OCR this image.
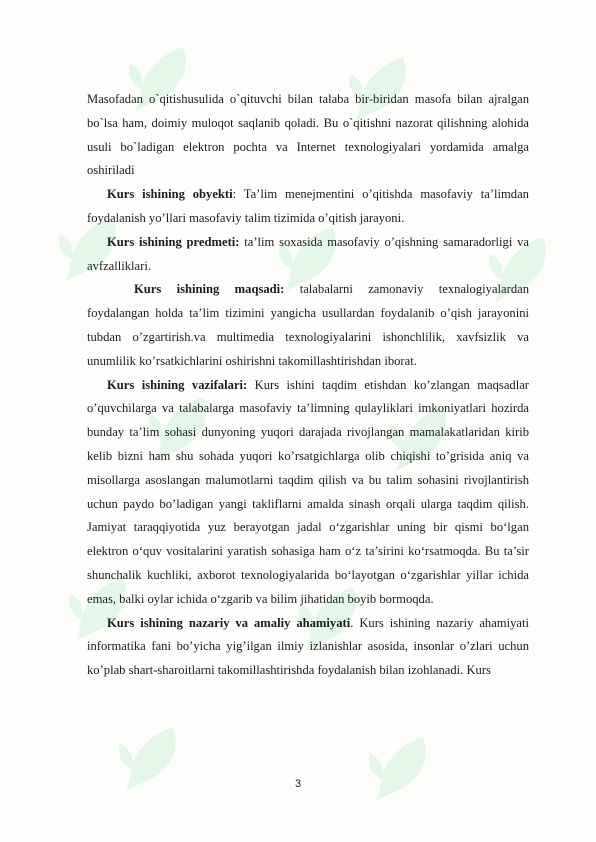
Masofadan o`qitishusulida o`qituvchi bilan talaba bir-biridan masofa bilan ajralgan bo`lsa ham, doimiy muloqot saqlanib qoladi. Bu o`qitishni nazorat qilishning alohida usuli bo`ladigan elektron pochta va Internet texnologiyalari yordamida amalga oshiriladi

Kurs ishining obyekti: Ta’lim menejmentini o’qitishda masofaviy ta’limdan foydalanish yo’llari masofaviy talim tizimida o’qitish jarayoni.

Kurs ishining predmeti: ta’lim soxasida masofaviy o’qishning samaradorligi va avfzalliklari.

Kurs ishining maqsadi: talabalarni zamonaviy texnalogiyalardan foydalangan holda ta’lim tizimini yangicha usullardan foydalanib o’qish jarayonini tubdan o’zgartirish.va multimedia texnologiyalarini ishonchlilik, xavfsizlik va unumlilik ko’rsatkichlarini oshirishni takomillashtirishdan iborat.

Kurs ishining vazifalari: Kurs ishini taqdim etishdan ko’zlangan maqsadlar o’quvchilarga va talabalarga masofaviy ta’limning qulayliklari imkoniyatlari hozirda bunday ta’lim sohasi dunyoning yuqori darajada rivojlangan mamalakatlaridan kirib kelib bizni ham shu sohada yuqori ko’rsatgichlarga olib chiqishi to’grisida aniq va misollarga asoslangan malumotlarni taqdim qilish va bu talim sohasini rivojlantirish uchun paydo bo’ladigan yangi takliflarni amalda sinash orqali ularga taqdim qilish. Jamiyat taraqqiyotida yuz berayotgan jadal o‘zgarishlar uning bir qismi bo‘lgan elektron o‘quv vositalarini yaratish sohasiga ham o‘z ta’sirini ko‘rsatmoqda. Bu ta’sir shunchalik kuchliki, axborot texnologiyalarida bo‘layotgan o‘zgarishlar yillar ichida emas, balki oylar ichida o‘zgarib va bilim jihatidan boyib bormoqda.

Kurs ishining nazariy va amaliy ahamiyati. Kurs ishining nazariy ahamiyati informatika fani bo’yicha yig’ilgan ilmiy izlanishlar asosida, insonlar o’zlari uchun ko’plab shart-sharoitlarni takomillashtirishda foydalanish bilan izohlanadi. Kurs

3
